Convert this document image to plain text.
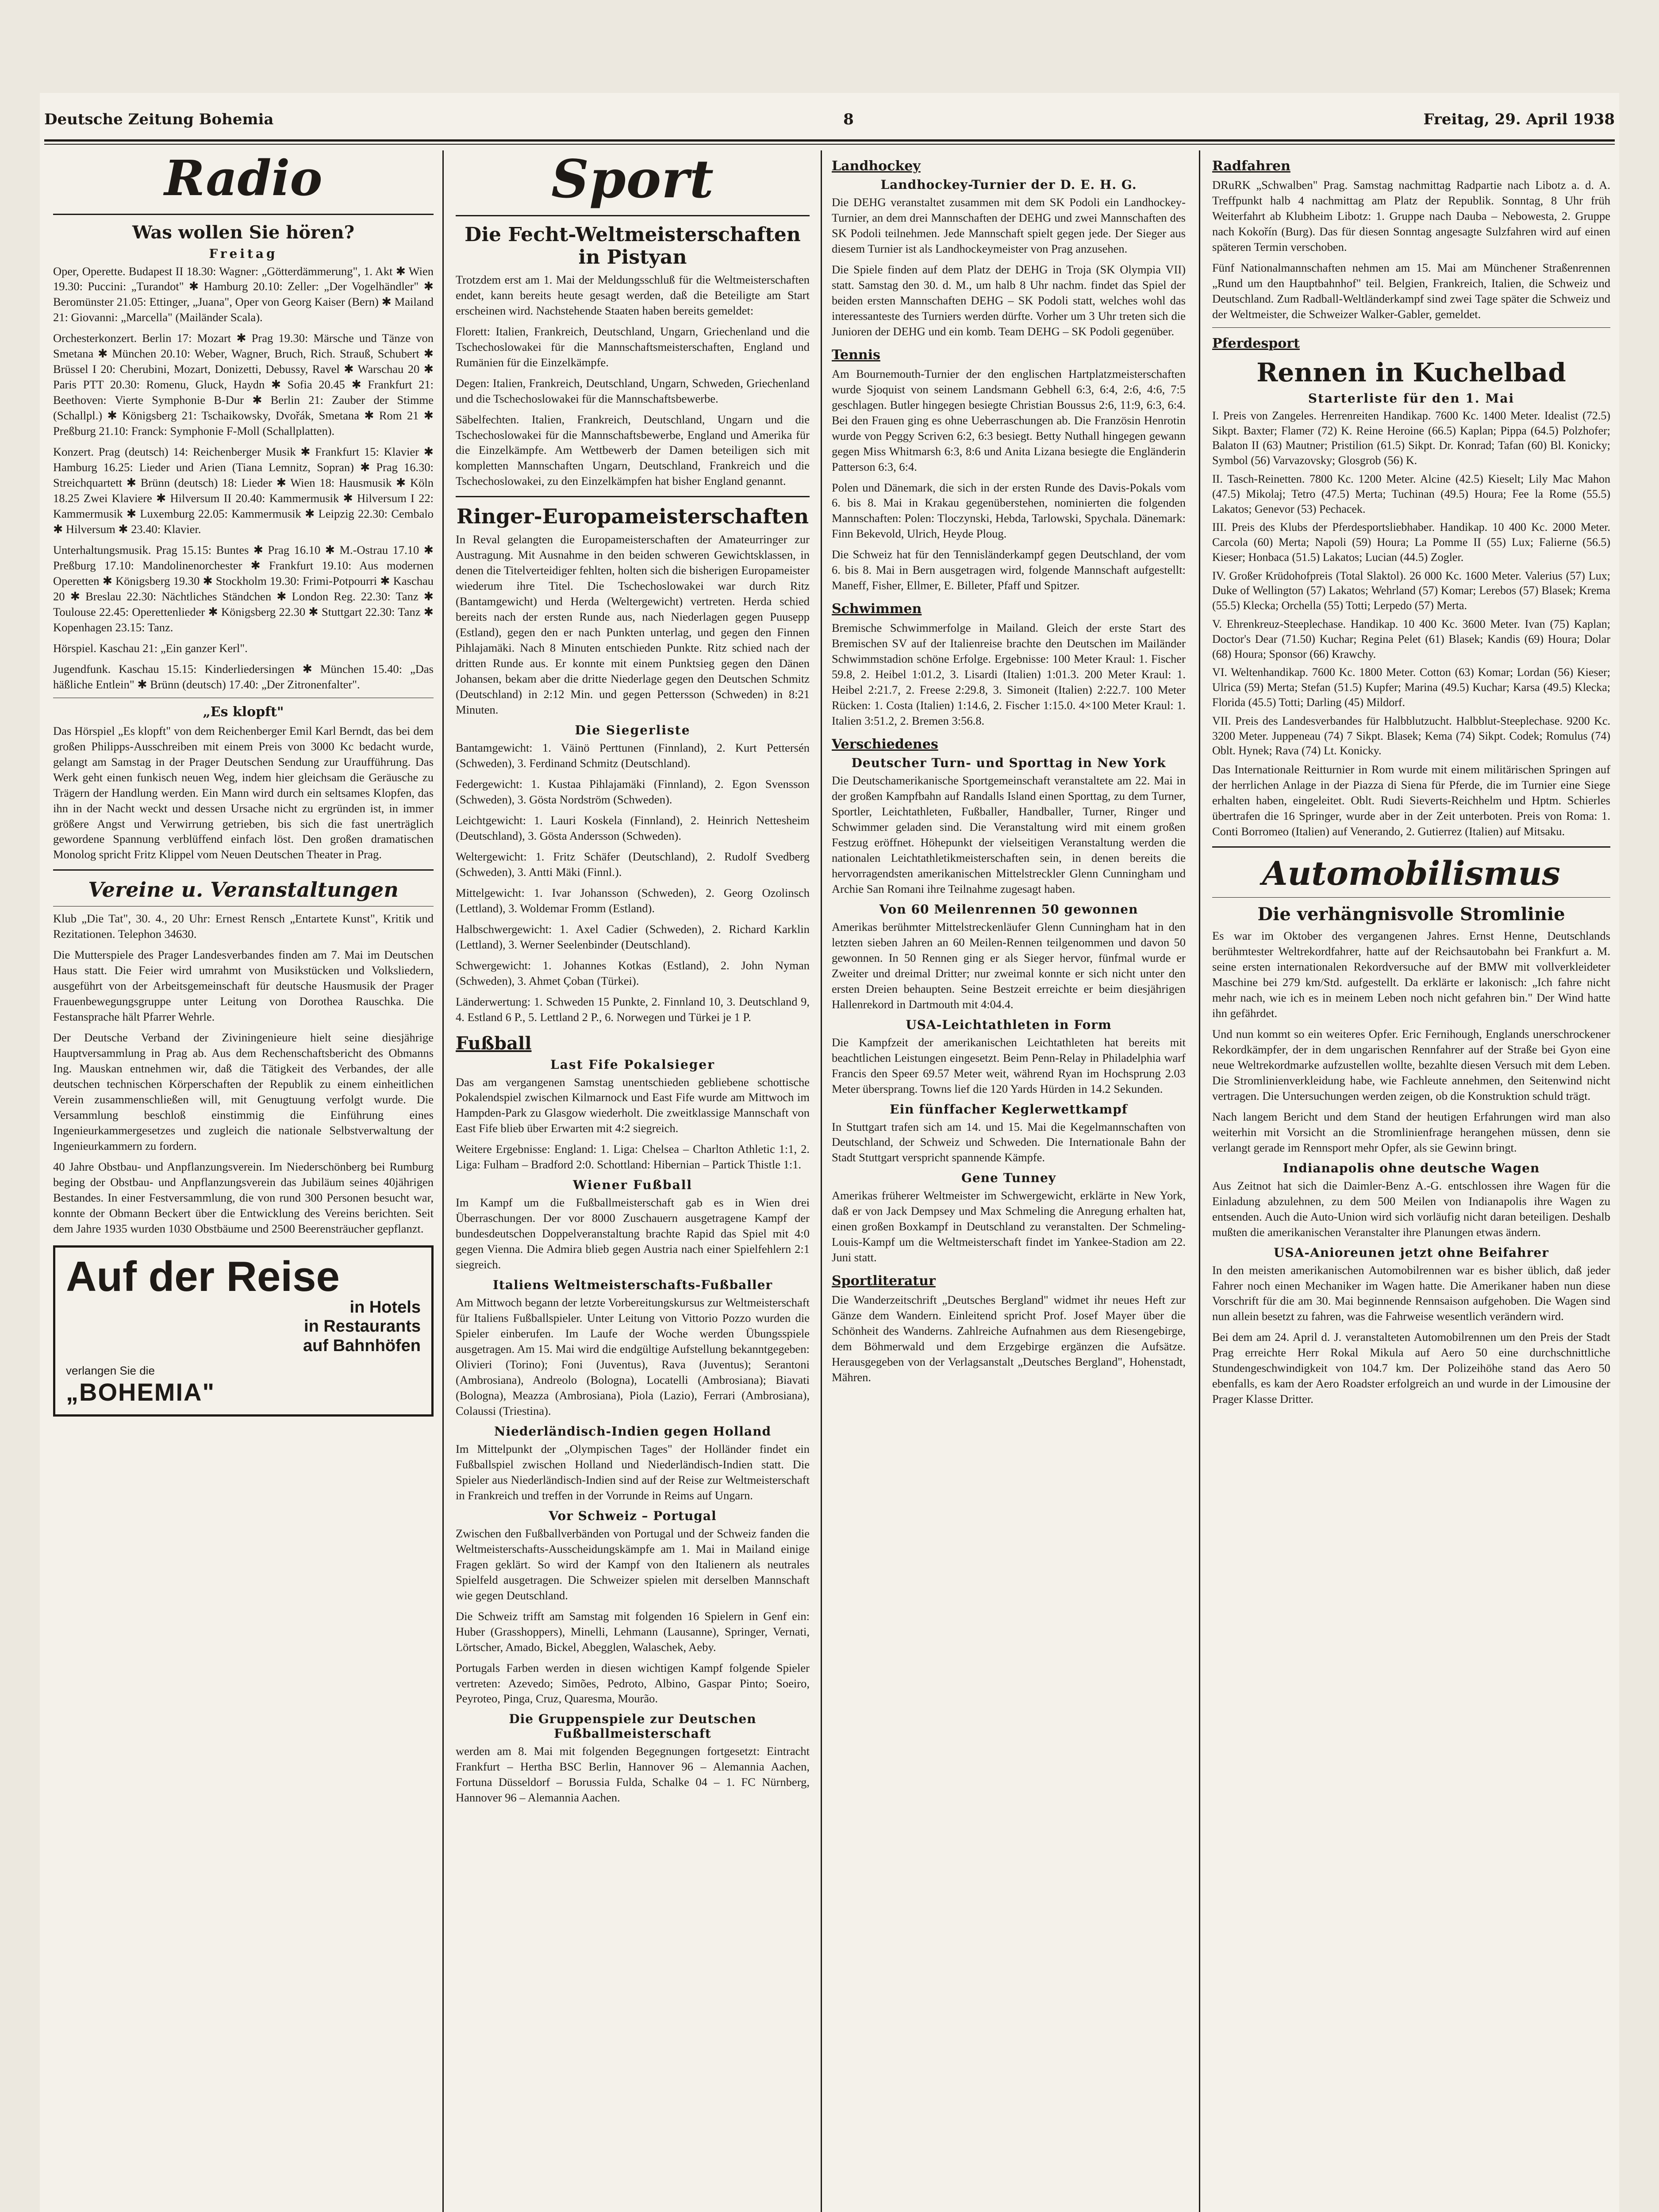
Deutsche Zeitung Bohemia	8	Freitag, 29. April 1938
Radio
Was wollen Sie hören?
Freitag

Oper, Operette. Budapest II 18.30: Wagner: „Götterdämmerung", 1. Akt ✱ Wien 19.30: Puccini: „Turandot" ✱ Hamburg 20.10: Zeller: „Der Vogelhändler" ✱ Beromünster 21.05: Ettinger, „Juana", Oper von Georg Kaiser (Bern) ✱ Mailand 21: Giovanni: „Marcella" (Mailänder Scala).

Orchesterkonzert. Berlin 17: Mozart ✱ Prag 19.30: Märsche und Tänze von Smetana ✱ München 20.10: Weber, Wagner, Bruch, Rich. Strauß, Schubert ✱ Brüssel I 20: Cherubini, Mozart, Donizetti, Debussy, Ravel ✱ Warschau 20 ✱ Paris PTT 20.30: Romenu, Gluck, Haydn ✱ Sofia 20.45 ✱ Frankfurt 21: Beethoven: Vierte Symphonie B-Dur ✱ Berlin 21: Zauber der Stimme (Schallpl.) ✱ Königsberg 21: Tschaikowsky, Dvořák, Smetana ✱ Rom 21 ✱ Preßburg 21.10: Franck: Symphonie F-Moll (Schallplatten).

Konzert. Prag (deutsch) 14: Reichenberger Musik ✱ Frankfurt 15: Klavier ✱ Hamburg 16.25: Lieder und Arien (Tiana Lemnitz, Sopran) ✱ Prag 16.30: Streichquartett ✱ Brünn (deutsch) 18: Lieder ✱ Wien 18: Hausmusik ✱ Köln 18.25 Zwei Klaviere ✱ Hilversum II 20.40: Kammermusik ✱ Hilversum I 22: Kammermusik ✱ Luxemburg 22.05: Kammermusik ✱ Leipzig 22.30: Cembalo ✱ Hilversum ✱ 23.40: Klavier.

Unterhaltungsmusik. Prag 15.15: Buntes ✱ Prag 16.10 ✱ M.-Ostrau 17.10 ✱ Preßburg 17.10: Mandolinenorchester ✱ Frankfurt 19.10: Aus modernen Operetten ✱ Königsberg 19.30 ✱ Stockholm 19.30: Frimi-Potpourri ✱ Kaschau 20 ✱ Breslau 22.30: Nächtliches Ständchen ✱ London Reg. 22.30: Tanz ✱ Toulouse 22.45: Operettenlieder ✱ Königsberg 22.30 ✱ Stuttgart 22.30: Tanz ✱ Kopenhagen 23.15: Tanz.

Hörspiel. Kaschau 21: „Ein ganzer Kerl".

Jugendfunk. Kaschau 15.15: Kinderliedersingen ✱ München 15.40: „Das häßliche Entlein" ✱ Brünn (deutsch) 17.40: „Der Zitronenfalter".

„Es klopft"

Das Hörspiel „Es klopft" von dem Reichenberger Emil Karl Berndt, das bei dem großen Philipps-Ausschreiben mit einem Preis von 3000 Kc bedacht wurde, gelangt am Samstag in der Prager Deutschen Sendung zur Uraufführung. Das Werk geht einen funkisch neuen Weg, indem hier gleichsam die Geräusche zu Trägern der Handlung werden. Ein Mann wird durch ein seltsames Klopfen, das ihn in der Nacht weckt und dessen Ursache nicht zu ergründen ist, in immer größere Angst und Verwirrung getrieben, bis sich die fast unerträglich gewordene Spannung verblüffend einfach löst. Den großen dramatischen Monolog spricht Fritz Klippel vom Neuen Deutschen Theater in Prag.

Vereine u. Veranstaltungen

Klub „Die Tat", 30. 4., 20 Uhr: Ernest Rensch „Entartete Kunst", Kritik und Rezitationen. Telephon 34630.

Die Mutterspiele des Prager Landesverbandes finden am 7. Mai im Deutschen Haus statt. Die Feier wird umrahmt von Musikstücken und Volksliedern, ausgeführt von der Arbeitsgemeinschaft für deutsche Hausmusik der Prager Frauenbewegungsgruppe unter Leitung von Dorothea Rauschka. Die Festansprache hält Pfarrer Wehrle.

Der Deutsche Verband der Ziviningenieure hielt seine diesjährige Hauptversammlung in Prag ab. Aus dem Rechenschaftsbericht des Obmanns Ing. Mauskan entnehmen wir, daß die Tätigkeit des Verbandes, der alle deutschen technischen Körperschaften der Republik zu einem einheitlichen Verein zusammenschließen will, mit Genugtuung verfolgt wurde. Die Versammlung beschloß einstimmig die Einführung eines Ingenieurkammergesetzes und zugleich die nationale Selbstverwaltung der Ingenieurkammern zu fordern.

40 Jahre Obstbau- und Anpflanzungsverein. Im Niederschönberg bei Rumburg beging der Obstbau- und Anpflanzungsverein das Jubiläum seines 40jährigen Bestandes. In einer Festversammlung, die von rund 300 Personen besucht war, konnte der Obmann Beckert über die Entwicklung des Vereins berichten. Seit dem Jahre 1935 wurden 1030 Obstbäume und 2500 Beerensträucher gepflanzt.

Auf der Reise
in Hotels
in Restaurants
auf Bahnhöfen
verlangen Sie die
„BOHEMIA"
Sport
Die Fecht-Weltmeisterschaften in Pistyan

Trotzdem erst am 1. Mai der Meldungsschluß für die Weltmeisterschaften endet, kann bereits heute gesagt werden, daß die Beteiligte am Start erscheinen wird. Nachstehende Staaten haben bereits gemeldet:

Florett: Italien, Frankreich, Deutschland, Ungarn, Griechenland und die Tschechoslowakei für die Mannschaftsmeisterschaften, England und Rumänien für die Einzelkämpfe.

Degen: Italien, Frankreich, Deutschland, Ungarn, Schweden, Griechenland und die Tschechoslowakei für die Mannschaftsbewerbe.

Säbelfechten. Italien, Frankreich, Deutschland, Ungarn und die Tschechoslowakei für die Mannschaftsbewerbe, England und Amerika für die Einzelkämpfe. Am Wettbewerb der Damen beteiligen sich mit kompletten Mannschaften Ungarn, Deutschland, Frankreich und die Tschechoslowakei, zu den Einzelkämpfen hat bisher England genannt.

Ringer-Europameisterschaften

In Reval gelangten die Europameisterschaften der Amateurringer zur Austragung. Mit Ausnahme in den beiden schweren Gewichtsklassen, in denen die Titelverteidiger fehlten, holten sich die bisherigen Europameister wiederum ihre Titel. Die Tschechoslowakei war durch Ritz (Bantamgewicht) und Herda (Weltergewicht) vertreten. Herda schied bereits nach der ersten Runde aus, nach Niederlagen gegen Puusepp (Estland), gegen den er nach Punkten unterlag, und gegen den Finnen Pihlajamäki. Nach 8 Minuten entschieden Punkte. Ritz schied nach der dritten Runde aus. Er konnte mit einem Punktsieg gegen den Dänen Johansen, bekam aber die dritte Niederlage gegen den Deutschen Schmitz (Deutschland) in 2:12 Min. und gegen Pettersson (Schweden) in 8:21 Minuten.

Die Siegerliste

Bantamgewicht: 1. Väinö Perttunen (Finnland), 2. Kurt Pettersén (Schweden), 3. Ferdinand Schmitz (Deutschland).

Federgewicht: 1. Kustaa Pihlajamäki (Finnland), 2. Egon Svensson (Schweden), 3. Gösta Nordström (Schweden).

Leichtgewicht: 1. Lauri Koskela (Finnland), 2. Heinrich Nettesheim (Deutschland), 3. Gösta Andersson (Schweden).

Weltergewicht: 1. Fritz Schäfer (Deutschland), 2. Rudolf Svedberg (Schweden), 3. Antti Mäki (Finnl.).

Mittelgewicht: 1. Ivar Johansson (Schweden), 2. Georg Ozolinsch (Lettland), 3. Woldemar Fromm (Estland).

Halbschwergewicht: 1. Axel Cadier (Schweden), 2. Richard Karklin (Lettland), 3. Werner Seelenbinder (Deutschland).

Schwergewicht: 1. Johannes Kotkas (Estland), 2. John Nyman (Schweden), 3. Ahmet Çoban (Türkei).

Länderwertung: 1. Schweden 15 Punkte, 2. Finnland 10, 3. Deutschland 9, 4. Estland 6 P., 5. Lettland 2 P., 6. Norwegen und Türkei je 1 P.

Fußball
Last Fife Pokalsieger

Das am vergangenen Samstag unentschieden gebliebene schottische Pokalendspiel zwischen Kilmarnock und East Fife wurde am Mittwoch im Hampden-Park zu Glasgow wiederholt. Die zweitklassige Mannschaft von East Fife blieb über Erwarten mit 4:2 siegreich.

Weitere Ergebnisse: England: 1. Liga: Chelsea – Charlton Athletic 1:1, 2. Liga: Fulham – Bradford 2:0. Schottland: Hibernian – Partick Thistle 1:1.

Wiener Fußball

Im Kampf um die Fußballmeisterschaft gab es in Wien drei Überraschungen. Der vor 8000 Zuschauern ausgetragene Kampf der bundesdeutschen Doppelveranstaltung brachte Rapid das Spiel mit 4:0 gegen Vienna. Die Admira blieb gegen Austria nach einer Spielfehlern 2:1 siegreich.

Italiens Weltmeisterschafts-Fußballer

Am Mittwoch begann der letzte Vorbereitungskursus zur Weltmeisterschaft für Italiens Fußballspieler. Unter Leitung von Vittorio Pozzo wurden die Spieler einberufen. Im Laufe der Woche werden Übungsspiele ausgetragen. Am 15. Mai wird die endgültige Aufstellung bekanntgegeben: Olivieri (Torino); Foni (Juventus), Rava (Juventus); Serantoni (Ambrosiana), Andreolo (Bologna), Locatelli (Ambrosiana); Biavati (Bologna), Meazza (Ambrosiana), Piola (Lazio), Ferrari (Ambrosiana), Colaussi (Triestina).

Niederländisch-Indien gegen Holland

Im Mittelpunkt der „Olympischen Tages" der Holländer findet ein Fußballspiel zwischen Holland und Niederländisch-Indien statt. Die Spieler aus Niederländisch-Indien sind auf der Reise zur Weltmeisterschaft in Frankreich und treffen in der Vorrunde in Reims auf Ungarn.

Vor Schweiz – Portugal

Zwischen den Fußballverbänden von Portugal und der Schweiz fanden die Weltmeisterschafts-Ausscheidungskämpfe am 1. Mai in Mailand einige Fragen geklärt. So wird der Kampf von den Italienern als neutrales Spielfeld ausgetragen. Die Schweizer spielen mit derselben Mannschaft wie gegen Deutschland.

Die Schweiz trifft am Samstag mit folgenden 16 Spielern in Genf ein: Huber (Grasshoppers), Minelli, Lehmann (Lausanne), Springer, Vernati, Lörtscher, Amado, Bickel, Abegglen, Walaschek, Aeby.

Portugals Farben werden in diesen wichtigen Kampf folgende Spieler vertreten: Azevedo; Simões, Pedroto, Albino, Gaspar Pinto; Soeiro, Peyroteo, Pinga, Cruz, Quaresma, Mourão.

Die Gruppenspiele zur Deutschen Fußballmeisterschaft

werden am 8. Mai mit folgenden Begegnungen fortgesetzt: Eintracht Frankfurt – Hertha BSC Berlin, Hannover 96 – Alemannia Aachen, Fortuna Düsseldorf – Borussia Fulda, Schalke 04 – 1. FC Nürnberg, Hannover 96 – Alemannia Aachen.

Landhockey
Landhockey-Turnier der D. E. H. G.

Die DEHG veranstaltet zusammen mit dem SK Podoli ein Landhockey-Turnier, an dem drei Mannschaften der DEHG und zwei Mannschaften des SK Podoli teilnehmen. Jede Mannschaft spielt gegen jede. Der Sieger aus diesem Turnier ist als Landhockeymeister von Prag anzusehen.

Die Spiele finden auf dem Platz der DEHG in Troja (SK Olympia VII) statt. Samstag den 30. d. M., um halb 8 Uhr nachm. findet das Spiel der beiden ersten Mannschaften DEHG – SK Podoli statt, welches wohl das interessanteste des Turniers werden dürfte. Vorher um 3 Uhr treten sich die Junioren der DEHG und ein komb. Team DEHG – SK Podoli gegenüber.

Tennis

Am Bournemouth-Turnier der den englischen Hartplatzmeisterschaften wurde Sjoquist von seinem Landsmann Gebhell 6:3, 6:4, 2:6, 4:6, 7:5 geschlagen. Butler hingegen besiegte Christian Boussus 2:6, 11:9, 6:3, 6:4. Bei den Frauen ging es ohne Ueberraschungen ab. Die Französin Henrotin wurde von Peggy Scriven 6:2, 6:3 besiegt. Betty Nuthall hingegen gewann gegen Miss Whitmarsh 6:3, 8:6 und Anita Lizana besiegte die Engländerin Patterson 6:3, 6:4.

Polen und Dänemark, die sich in der ersten Runde des Davis-Pokals vom 6. bis 8. Mai in Krakau gegenüberstehen, nominierten die folgenden Mannschaften: Polen: Tloczynski, Hebda, Tarlowski, Spychala. Dänemark: Finn Bekevold, Ulrich, Heyde Ploug.

Die Schweiz hat für den Tennisländerkampf gegen Deutschland, der vom 6. bis 8. Mai in Bern ausgetragen wird, folgende Mannschaft aufgestellt: Maneff, Fisher, Ellmer, E. Billeter, Pfaff und Spitzer.

Schwimmen

Bremische Schwimmerfolge in Mailand. Gleich der erste Start des Bremischen SV auf der Italienreise brachte den Deutschen im Mailänder Schwimmstadion schöne Erfolge. Ergebnisse: 100 Meter Kraul: 1. Fischer 59.8, 2. Heibel 1:01.2, 3. Lisardi (Italien) 1:01.3. 200 Meter Kraul: 1. Heibel 2:21.7, 2. Freese 2:29.8, 3. Simoneit (Italien) 2:22.7. 100 Meter Rücken: 1. Costa (Italien) 1:14.6, 2. Fischer 1:15.0. 4×100 Meter Kraul: 1. Italien 3:51.2, 2. Bremen 3:56.8.

Verschiedenes
Deutscher Turn- und Sporttag in New York

Die Deutschamerikanische Sportgemeinschaft veranstaltete am 22. Mai in der großen Kampfbahn auf Randalls Island einen Sporttag, zu dem Turner, Sportler, Leichtathleten, Fußballer, Handballer, Turner, Ringer und Schwimmer geladen sind. Die Veranstaltung wird mit einem großen Festzug eröffnet. Höhepunkt der vielseitigen Veranstaltung werden die nationalen Leichtathletikmeisterschaften sein, in denen bereits die hervorragendsten amerikanischen Mittelstreckler Glenn Cunningham und Archie San Romani ihre Teilnahme zugesagt haben.

Von 60 Meilenrennen 50 gewonnen

Amerikas berühmter Mittelstreckenläufer Glenn Cunningham hat in den letzten sieben Jahren an 60 Meilen-Rennen teilgenommen und davon 50 gewonnen. In 50 Rennen ging er als Sieger hervor, fünfmal wurde er Zweiter und dreimal Dritter; nur zweimal konnte er sich nicht unter den ersten Dreien behaupten. Seine Bestzeit erreichte er beim diesjährigen Hallenrekord in Dartmouth mit 4:04.4.

USA-Leichtathleten in Form

Die Kampfzeit der amerikanischen Leichtathleten hat bereits mit beachtlichen Leistungen eingesetzt. Beim Penn-Relay in Philadelphia warf Francis den Speer 69.57 Meter weit, während Ryan im Hochsprung 2.03 Meter übersprang. Towns lief die 120 Yards Hürden in 14.2 Sekunden.

Ein fünffacher Keglerwettkampf

In Stuttgart trafen sich am 14. und 15. Mai die Kegelmannschaften von Deutschland, der Schweiz und Schweden. Die Internationale Bahn der Stadt Stuttgart verspricht spannende Kämpfe.

Gene Tunney

Amerikas früherer Weltmeister im Schwergewicht, erklärte in New York, daß er von Jack Dempsey und Max Schmeling die Anregung erhalten hat, einen großen Boxkampf in Deutschland zu veranstalten. Der Schmeling-Louis-Kampf um die Weltmeisterschaft findet im Yankee-Stadion am 22. Juni statt.

Sportliteratur

Die Wanderzeitschrift „Deutsches Bergland" widmet ihr neues Heft zur Gänze dem Wandern. Einleitend spricht Prof. Josef Mayer über die Schönheit des Wanderns. Zahlreiche Aufnahmen aus dem Riesengebirge, dem Böhmerwald und dem Erzgebirge ergänzen die Aufsätze. Herausgegeben von der Verlagsanstalt „Deutsches Bergland", Hohenstadt, Mähren.

Radfahren

DRuRK „Schwalben" Prag. Samstag nachmittag Radpartie nach Libotz a. d. A. Treffpunkt halb 4 nachmittag am Platz der Republik. Sonntag, 8 Uhr früh Weiterfahrt ab Klubheim Libotz: 1. Gruppe nach Dauba – Nebowesta, 2. Gruppe nach Kokořín (Burg). Das für diesen Sonntag angesagte Sulzfahren wird auf einen späteren Termin verschoben.

Fünf Nationalmannschaften nehmen am 15. Mai am Münchener Straßenrennen „Rund um den Hauptbahnhof" teil. Belgien, Frankreich, Italien, die Schweiz und Deutschland. Zum Radball-Weltländerkampf sind zwei Tage später die Schweiz und der Weltmeister, die Schweizer Walker-Gabler, gemeldet.

Pferdesport
Rennen in Kuchelbad
Starterliste für den 1. Mai

I. Preis von Zangeles. Herrenreiten Handikap. 7600 Kc. 1400 Meter. Idealist (72.5) Sikpt. Baxter; Flamer (72) K. Reine Heroine (66.5) Kaplan; Pippa (64.5) Polzhofer; Balaton II (63) Mautner; Pristilion (61.5) Sikpt. Dr. Konrad; Tafan (60) Bl. Konicky; Symbol (56) Varvazovsky; Glosgrob (56) K.

II. Tasch-Reinetten. 7800 Kc. 1200 Meter. Alcine (42.5) Kieselt; Lily Mac Mahon (47.5) Mikolaj; Tetro (47.5) Merta; Tuchinan (49.5) Houra; Fee la Rome (55.5) Lakatos; Genevor (53) Pechacek.

III. Preis des Klubs der Pferdesportsliebhaber. Handikap. 10 400 Kc. 2000 Meter. Carcola (60) Merta; Napoli (59) Houra; La Pomme II (55) Lux; Falierne (56.5) Kieser; Honbaca (51.5) Lakatos; Lucian (44.5) Zogler.

IV. Großer Krüdohofpreis (Total Slaktol). 26 000 Kc. 1600 Meter. Valerius (57) Lux; Duke of Wellington (57) Lakatos; Wehrland (57) Komar; Lerebos (57) Blasek; Krema (55.5) Klecka; Orchella (55) Totti; Lerpedo (57) Merta.

V. Ehrenkreuz-Steeplechase. Handikap. 10 400 Kc. 3600 Meter. Ivan (75) Kaplan; Doctor's Dear (71.50) Kuchar; Regina Pelet (61) Blasek; Kandis (69) Houra; Dolar (68) Houra; Sponsor (66) Krawchy.

VI. Weltenhandikap. 7600 Kc. 1800 Meter. Cotton (63) Komar; Lordan (56) Kieser; Ulrica (59) Merta; Stefan (51.5) Kupfer; Marina (49.5) Kuchar; Karsa (49.5) Klecka; Florida (45.5) Totti; Darling (45) Mildorf.

VII. Preis des Landesverbandes für Halbblutzucht. Halbblut-Steeplechase. 9200 Kc. 3200 Meter. Juppeneau (74) 7 Sikpt. Blasek; Kema (74) Sikpt. Codek; Romulus (74) Oblt. Hynek; Rava (74) Lt. Konicky.

Das Internationale Reitturnier in Rom wurde mit einem militärischen Springen auf der herrlichen Anlage in der Piazza di Siena für Pferde, die im Turnier eine Siege erhalten haben, eingeleitet. Oblt. Rudi Sieverts-Reichhelm und Hptm. Schierles übertrafen die 16 Springer, wurde aber in der Zeit unterboten. Preis von Roma: 1. Conti Borromeo (Italien) auf Venerando, 2. Gutierrez (Italien) auf Mitsaku.

Automobilismus
Die verhängnisvolle Stromlinie

Es war im Oktober des vergangenen Jahres. Ernst Henne, Deutschlands berühmtester Weltrekordfahrer, hatte auf der Reichsautobahn bei Frankfurt a. M. seine ersten internationalen Rekordversuche auf der BMW mit vollverkleideter Maschine bei 279 km/Std. aufgestellt. Da erklärte er lakonisch: „Ich fahre nicht mehr nach, wie ich es in meinem Leben noch nicht gefahren bin." Der Wind hatte ihn gefährdet.

Und nun kommt so ein weiteres Opfer. Eric Fernihough, Englands unerschrockener Rekordkämpfer, der in dem ungarischen Rennfahrer auf der Straße bei Gyon eine neue Weltrekordmarke aufzustellen wollte, bezahlte diesen Versuch mit dem Leben. Die Stromlinienverkleidung habe, wie Fachleute annehmen, den Seitenwind nicht vertragen. Die Untersuchungen werden zeigen, ob die Konstruktion schuld trägt.

Nach langem Bericht und dem Stand der heutigen Erfahrungen wird man also weiterhin mit Vorsicht an die Stromlinienfrage herangehen müssen, denn sie verlangt gerade im Rennsport mehr Opfer, als sie Gewinn bringt.

Indianapolis ohne deutsche Wagen

Aus Zeitnot hat sich die Daimler-Benz A.-G. entschlossen ihre Wagen für die Einladung abzulehnen, zu dem 500 Meilen von Indianapolis ihre Wagen zu entsenden. Auch die Auto-Union wird sich vorläufig nicht daran beteiligen. Deshalb mußten die amerikanischen Veranstalter ihre Planungen etwas ändern.

USA-Anioreunen jetzt ohne Beifahrer

In den meisten amerikanischen Automobilrennen war es bisher üblich, daß jeder Fahrer noch einen Mechaniker im Wagen hatte. Die Amerikaner haben nun diese Vorschrift für die am 30. Mai beginnende Rennsaison aufgehoben. Die Wagen sind nun allein besetzt zu fahren, was die Fahrweise wesentlich verändern wird.

Bei dem am 24. April d. J. veranstalteten Automobilrennen um den Preis der Stadt Prag erreichte Herr Rokal Mikula auf Aero 50 eine durchschnittliche Stundengeschwindigkeit von 104.7 km. Der Polizeihöhe stand das Aero 50 ebenfalls, es kam der Aero Roadster erfolgreich an und wurde in der Limousine der Prager Klasse Dritter.
